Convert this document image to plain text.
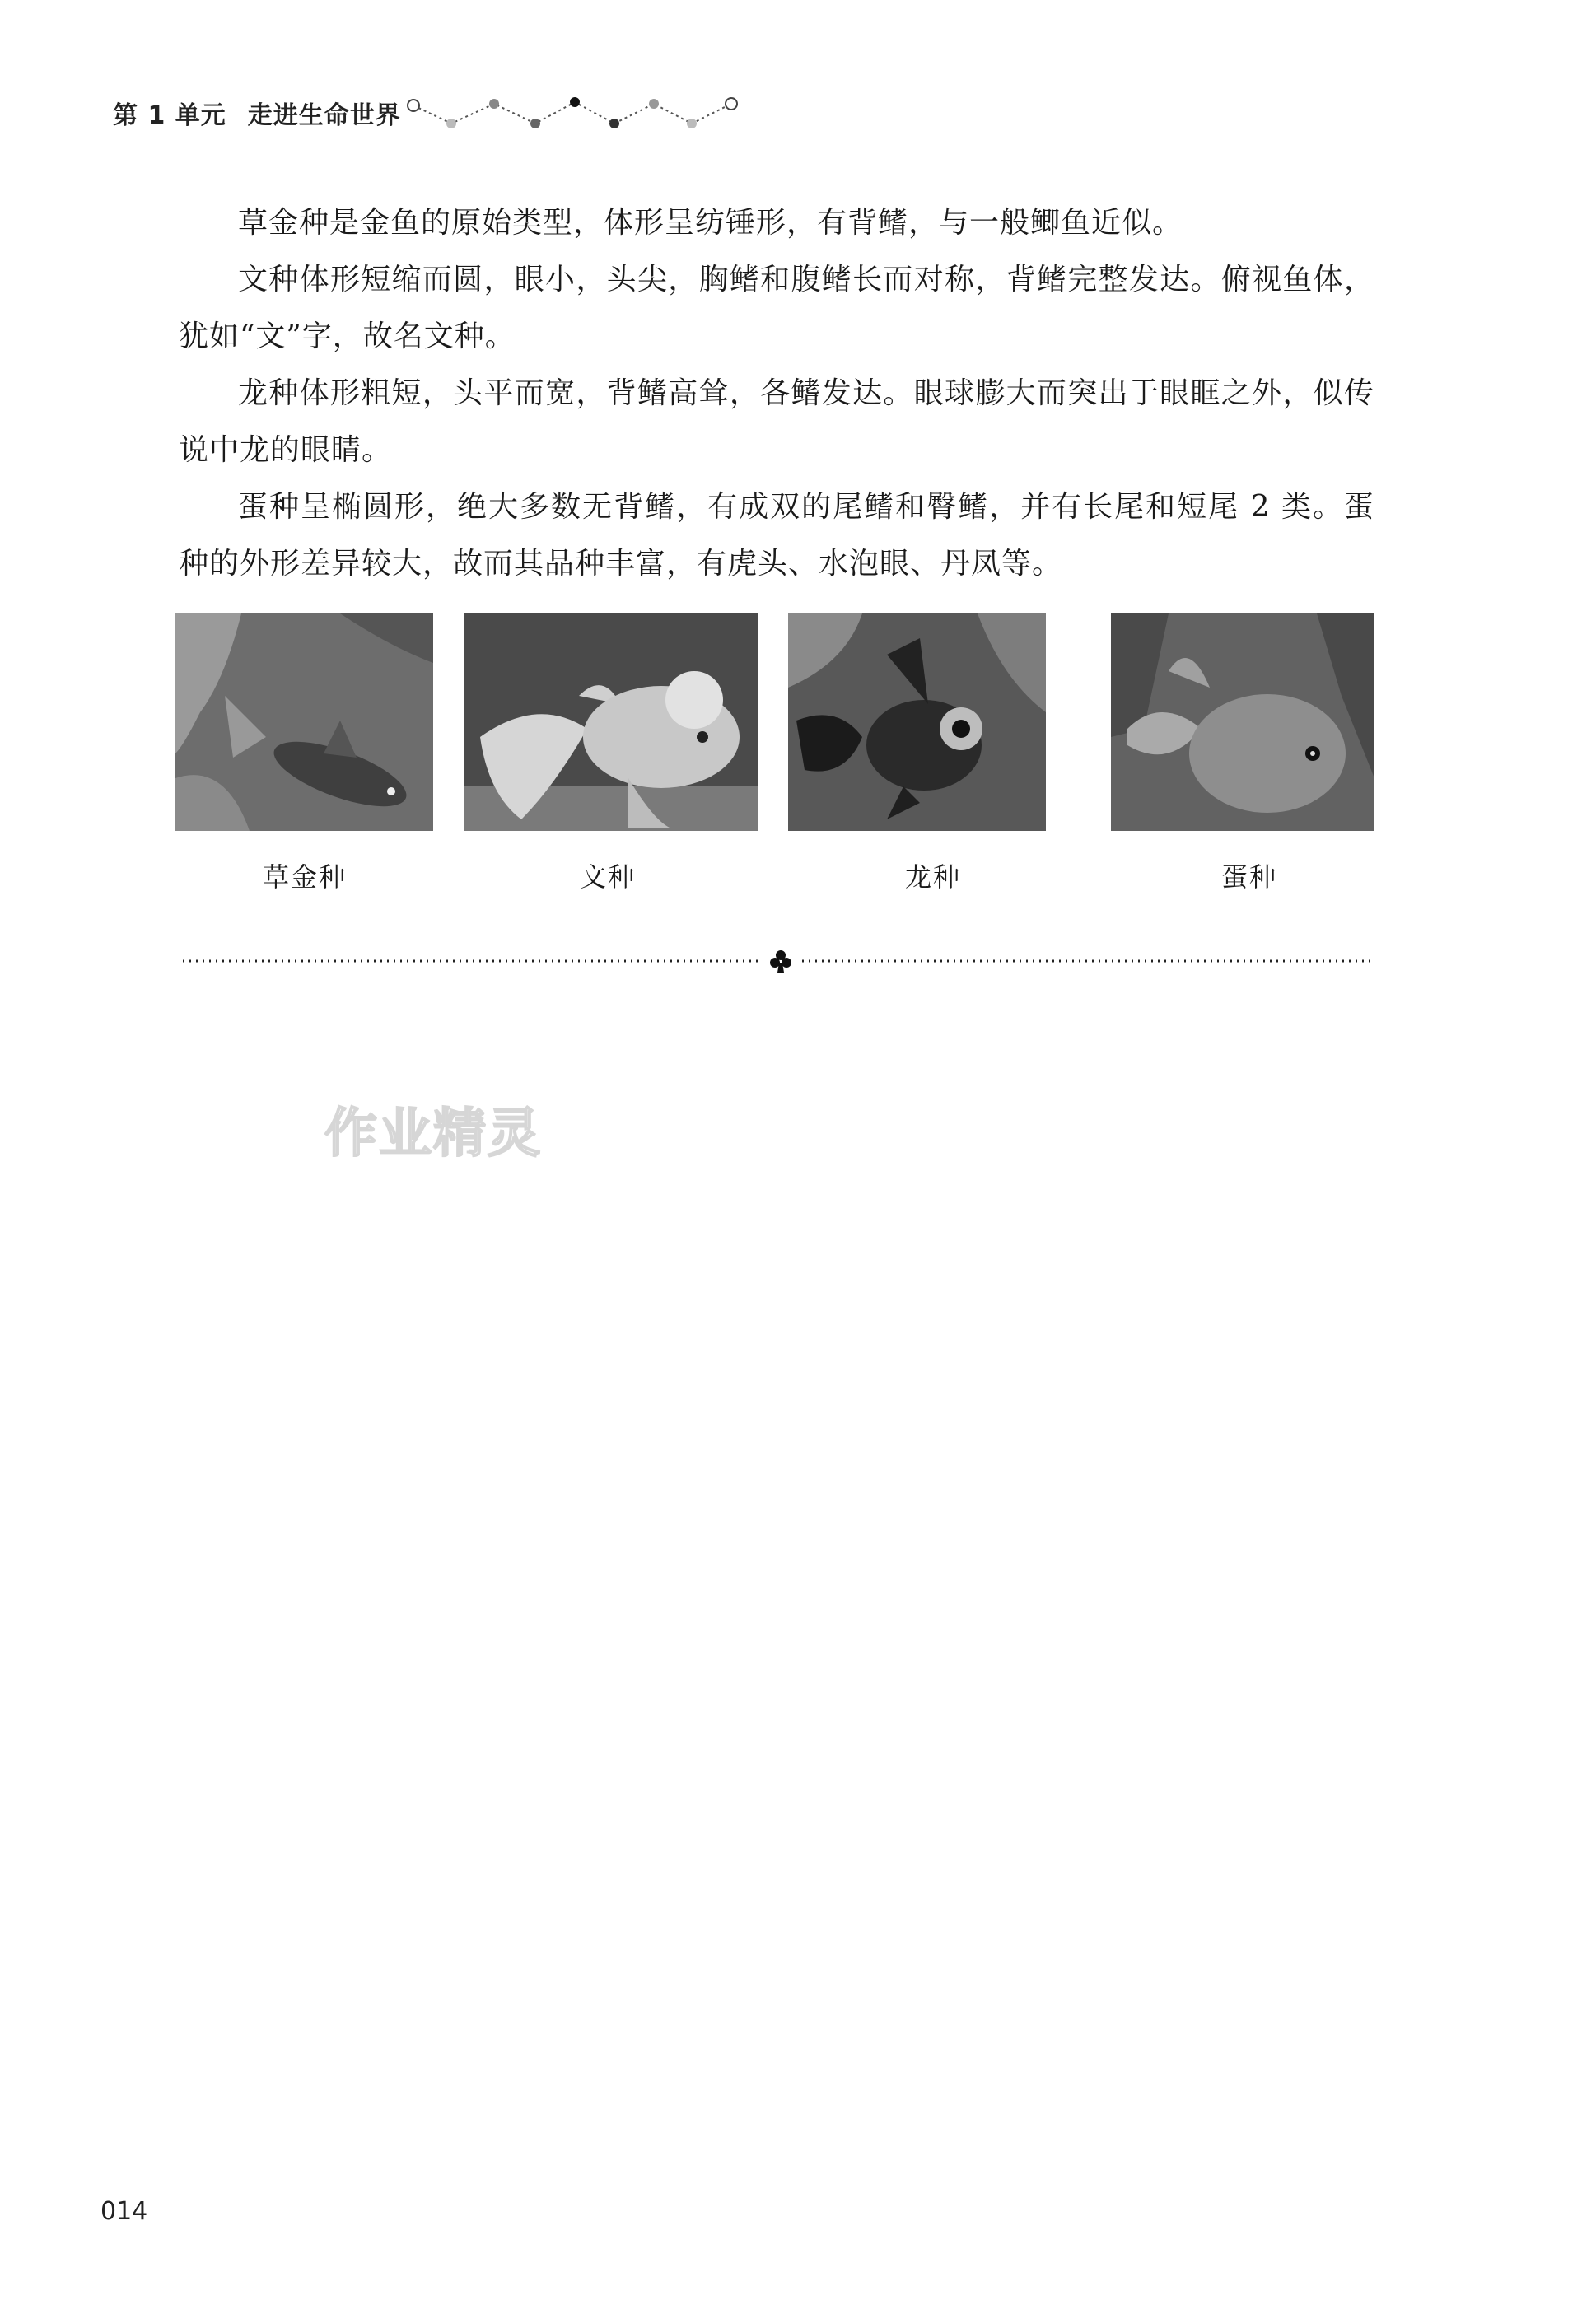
第 1 单元 走进生命世界

草金种是金鱼的原始类型，体形呈纺锤形，有背鳍，与一般鲫鱼近似。

文种体形短缩而圆，眼小，头尖，胸鳍和腹鳍长而对称，背鳍完整发达。俯视鱼体，犹如“文”字，故名文种。

龙种体形粗短，头平而宽，背鳍高耸，各鳍发达。眼球膨大而突出于眼眶之外，似传说中龙的眼睛。

蛋种呈椭圆形，绝大多数无背鳍，有成双的尾鳍和臀鳍，并有长尾和短尾 2 类。蛋种的外形差异较大，故而其品种丰富，有虎头、水泡眼、丹凤等。

草金种	文种	龙种	蛋种
作业精灵
014
